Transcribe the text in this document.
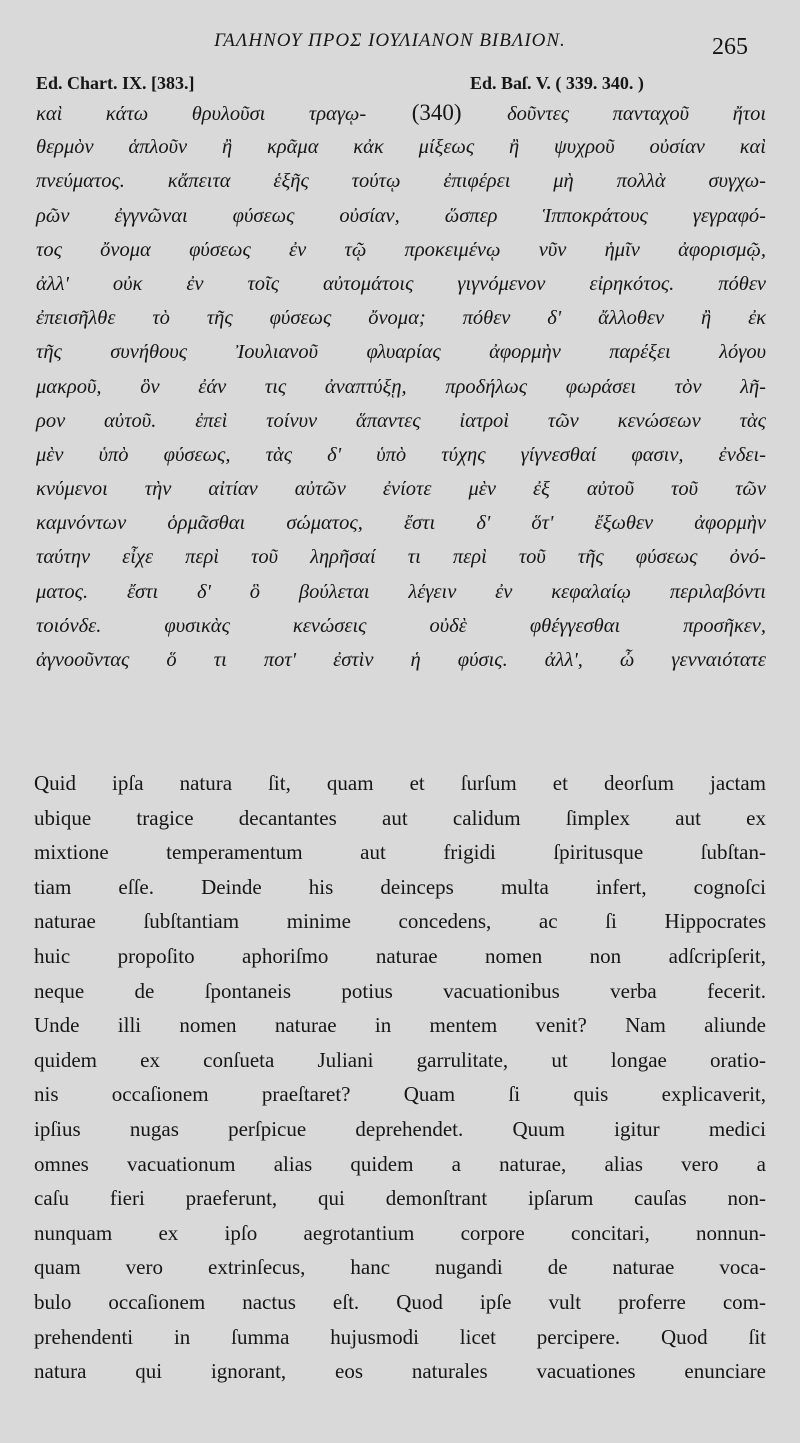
ΓΑΛΗΝΟΥ ΠΡΟΣ ΙΟΥΛΙΑΝΟΝ ΒΙΒΛΙΟΝ.	265
Ed. Chart. IX. [383.]	Ed. Baſ. V. ( 339. 340. )
καὶ κάτω θρυλοῦσι τραγῳ- (340) δοῦντες πανταχοῦ ἤτοι
θερμὸν ἁπλοῦν ἢ κρᾶμα κἀκ μίξεως ἢ ψυχροῦ οὐσίαν καὶ
πνεύματος. κἄπειτα ἑξῆς τούτῳ ἐπιφέρει μὴ πολλὰ συγχω-
ρῶν ἐγγνῶναι φύσεως οὐσίαν, ὥσπερ Ἱπποκράτους γεγραφό-
τος ὄνομα φύσεως ἐν τῷ προκειμένῳ νῦν ἡμῖν ἀφορισμῷ,
ἀλλ' οὐκ ἐν τοῖς αὐτομάτοις γιγνόμενον εἰρηκότος. πόθεν
ἐπεισῆλθε τὸ τῆς φύσεως ὄνομα; πόθεν δ' ἄλλοθεν ἢ ἐκ
τῆς συνήθους Ἰουλιανοῦ φλυαρίας ἀφορμὴν παρέξει λόγου
μακροῦ, ὃν ἐάν τις ἀναπτύξῃ, προδήλως φωράσει τὸν λῆ-
ρον αὐτοῦ. ἐπεὶ τοίνυν ἅπαντες ἰατροὶ τῶν κενώσεων τὰς
μὲν ὑπὸ φύσεως, τὰς δ' ὑπὸ τύχης γίγνεσθαί φασιν, ἐνδει-
κνύμενοι τὴν αἰτίαν αὐτῶν ἐνίοτε μὲν ἐξ αὐτοῦ τοῦ τῶν
καμνόντων ὁρμᾶσθαι σώματος, ἔστι δ' ὅτ' ἔξωθεν ἀφορμὴν
ταύτην εἶχε περὶ τοῦ ληρῆσαί τι περὶ τοῦ τῆς φύσεως ὀνό-
ματος. ἔστι δ' ὃ βούλεται λέγειν ἐν κεφαλαίῳ περιλαβόντι
τοιόνδε. φυσικὰς κενώσεις οὐδὲ φθέγγεσθαι προσῆκεν,
ἀγνοοῦντας ὅ τι ποτ' ἐστὶν ἡ φύσις. ἀλλ', ὦ γενναιότατε
Quid ipſa natura ſit, quam et ſurſum et deorſum jactam
ubique tragice decantantes aut calidum ſimplex aut ex
mixtione temperamentum aut frigidi ſpiritusque ſubſtan-
tiam eſſe. Deinde his deinceps multa infert, cognoſci
naturae ſubſtantiam minime concedens, ac ſi Hippocrates
huic propoſito aphoriſmo naturae nomen non adſcripſerit,
neque de ſpontaneis potius vacuationibus verba fecerit.
Unde illi nomen naturae in mentem venit? Nam aliunde
quidem ex conſueta Juliani garrulitate, ut longae oratio-
nis occaſionem praeſtaret? Quam ſi quis explicaverit,
ipſius nugas perſpicue deprehendet. Quum igitur medici
omnes vacuationum alias quidem a naturae, alias vero a
caſu fieri praeferunt, qui demonſtrant ipſarum cauſas non-
nunquam ex ipſo aegrotantium corpore concitari, nonnun-
quam vero extrinſecus, hanc nugandi de naturae voca-
bulo occaſionem nactus eſt. Quod ipſe vult proferre com-
prehendenti in ſumma hujusmodi licet percipere. Quod ſit
natura qui ignorant, eos naturales vacuationes enunciare
